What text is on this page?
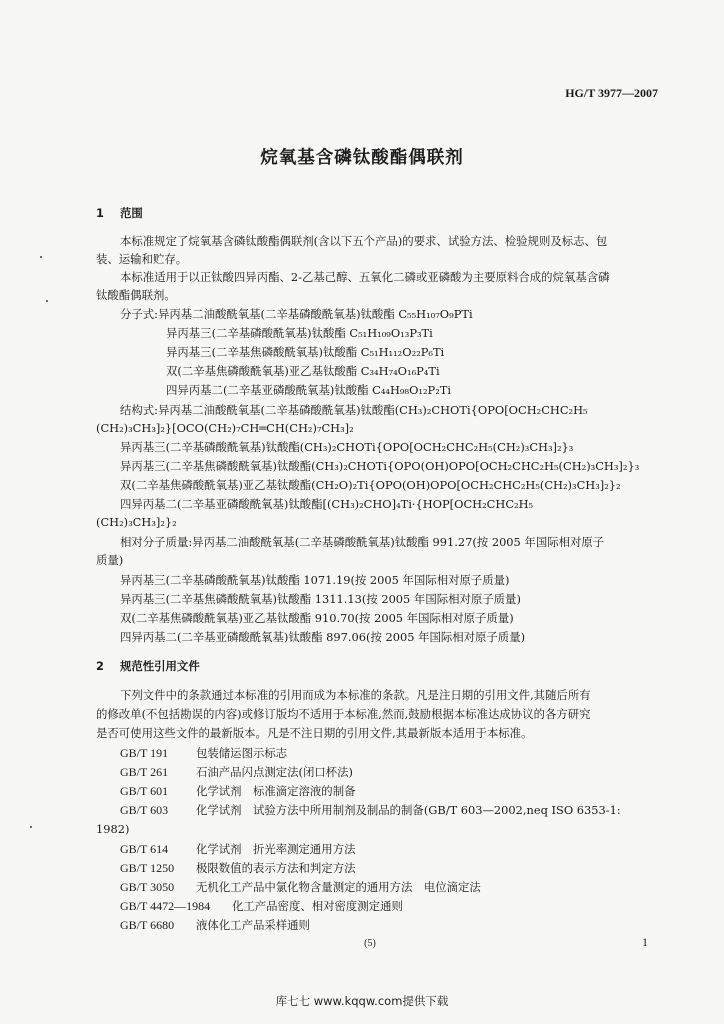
HG/T 3977—2007
烷氧基含磷钛酸酯偶联剂
1 范围
本标准规定了烷氧基含磷钛酸酯偶联剂(含以下五个产品)的要求、试验方法、检验规则及标志、包
装、运输和贮存。
本标准适用于以正钛酸四异丙酯、2-乙基己醇、五氧化二磷或亚磷酸为主要原料合成的烷氧基含磷
钛酸酯偶联剂。
分子式:异丙基二油酸酰氧基(二辛基磷酸酰氧基)钛酸酯 C₅₅H₁₀₇O₉PTi
异丙基三(二辛基磷酸酰氧基)钛酸酯 C₅₁H₁₀₉O₁₃P₃Ti
异丙基三(二辛基焦磷酸酰氧基)钛酸酯 C₅₁H₁₁₂O₂₂P₆Ti
双(二辛基焦磷酸酰氧基)亚乙基钛酸酯 C₃₄H₇₄O₁₆P₄Ti
四异丙基二(二辛基亚磷酸酰氧基)钛酸酯 C₄₄H₉₈O₁₂P₂Ti
结构式:异丙基二油酸酰氧基(二辛基磷酸酰氧基)钛酸酯(CH₃)₂CHOTi{OPO[OCH₂CHC₂H₅
(CH₂)₃CH₃]₂}[OCO(CH₂)₇CH═CH(CH₂)₇CH₃]₂
异丙基三(二辛基磷酸酰氧基)钛酸酯(CH₃)₂CHOTi{OPO[OCH₂CHC₂H₅(CH₂)₃CH₃]₂}₃
异丙基三(二辛基焦磷酸酰氧基)钛酸酯(CH₃)₂CHOTi{OPO(OH)OPO[OCH₂CHC₂H₅(CH₂)₃CH₃]₂}₃
双(二辛基焦磷酸酰氧基)亚乙基钛酸酯(CH₂O)₂Ti{OPO(OH)OPO[OCH₂CHC₂H₅(CH₂)₃CH₃]₂}₂
四异丙基二(二辛基亚磷酸酰氧基)钛酸酯[(CH₃)₂CHO]₄Ti·{HOP[OCH₂CHC₂H₅
(CH₂)₃CH₃]₂}₂
相对分子质量:异丙基二油酸酰氧基(二辛基磷酸酰氧基)钛酸酯 991.27(按 2005 年国际相对原子
质量)
异丙基三(二辛基磷酸酰氧基)钛酸酯 1071.19(按 2005 年国际相对原子质量)
异丙基三(二辛基焦磷酸酰氧基)钛酸酯 1311.13(按 2005 年国际相对原子质量)
双(二辛基焦磷酸酰氧基)亚乙基钛酸酯 910.70(按 2005 年国际相对原子质量)
四异丙基二(二辛基亚磷酸酰氧基)钛酸酯 897.06(按 2005 年国际相对原子质量)
2 规范性引用文件
下列文件中的条款通过本标准的引用而成为本标准的条款。凡是注日期的引用文件,其随后所有
的修改单(不包括勘误的内容)或修订版均不适用于本标准,然而,鼓励根据本标准达成协议的各方研究
是否可使用这些文件的最新版本。凡是不注日期的引用文件,其最新版本适用于本标准。
GB/T 191 包装储运图示标志
GB/T 261 石油产品闪点测定法(闭口杯法)
GB/T 601 化学试剂　标准滴定溶液的制备
GB/T 603 化学试剂　试验方法中所用制剂及制品的制备(GB/T 603—2002,neq ISO 6353-1:
1982)
GB/T 614 化学试剂　折光率测定通用方法
GB/T 1250 极限数值的表示方法和判定方法
GB/T 3050 无机化工产品中氯化物含量测定的通用方法　电位滴定法
GB/T 4472—1984 化工产品密度、相对密度测定通则
GB/T 6680 液体化工产品采样通则
(5)	1
库七七 www.kqqw.com提供下载
